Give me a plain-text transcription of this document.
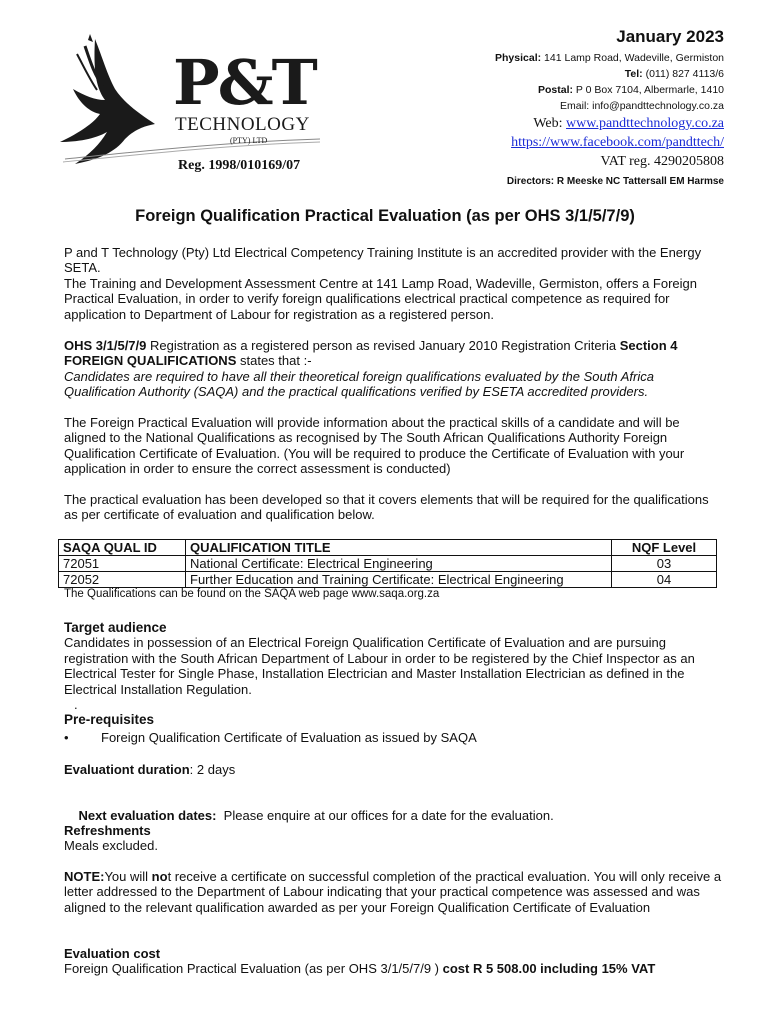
P&T
TECHNOLOGY
(PTY) LTD
Reg. 1998/010169/07
January 2023
Physical: 141 Lamp Road, Wadeville, Germiston
Tel: (011) 827 4113/6
Postal: P 0 Box 7104, Albermarle, 1410
Email: info@pandttechnology.co.za
Web: www.pandttechnology.co.za
https://www.facebook.com/pandttech/
VAT reg. 4290205808
Directors: R Meeske NC Tattersall EM Harmse
Foreign Qualification Practical Evaluation (as per OHS 3/1/5/7/9)

P and T Technology (Pty) Ltd Electrical Competency Training Institute is an accredited provider with the Energy SETA.

The Training and Development Assessment Centre at 141 Lamp Road, Wadeville, Germiston, offers a Foreign Practical Evaluation, in order to verify foreign qualifications electrical practical competence as required for application to Department of Labour for registration as a registered person.

OHS 3/1/5/7/9 Registration as a registered person as revised January 2010 Registration Criteria Section 4 FOREIGN QUALIFICATIONS states that :-

Candidates are required to have all their theoretical foreign qualifications evaluated by the South Africa Qualification Authority (SAQA) and the practical qualifications verified by ESETA accredited providers.

The Foreign Practical Evaluation will provide information about the practical skills of a candidate and will be aligned to the National Qualifications as recognised by The South African Qualifications Authority Foreign Qualification Certificate of Evaluation. (You will be required to produce the Certificate of Evaluation with your application in order to ensure the correct assessment is conducted)
The practical evaluation has been developed so that it covers elements that will be required for the qualifications as per certificate of evaluation and qualification below.
SAQA QUAL ID	QUALIFICATION TITLE	NQF Level
72051	National Certificate: Electrical Engineering	03
72052	Further Education and Training Certificate: Electrical Engineering	04
The Qualifications can be found on the SAQA web page www.saqa.org.za
Target audience

Candidates in possession of an Electrical Foreign Qualification Certificate of Evaluation and are pursuing registration with the South African Department of Labour in order to be registered by the Chief Inspector as an Electrical Tester for Single Phase, Installation Electrician and Master Installation Electrician as defined in the Electrical Installation Regulation.

.

Pre-requisites
• Foreign Qualification Certificate of Evaluation as issued by SAQA
Evaluationt duration: 2 days

Next evaluation dates:  Please enquire at our offices for a date for the evaluation.

Refreshments

Meals excluded.

NOTE:You will not receive a certificate on successful completion of the practical evaluation. You will only receive a letter addressed to the Department of Labour indicating that your practical competence was assessed and was aligned to the relevant qualification awarded as per your Foreign Qualification Certificate of Evaluation

Evaluation cost

Foreign Qualification Practical Evaluation (as per OHS 3/1/5/7/9 ) cost R 5 508.00 including 15% VAT
